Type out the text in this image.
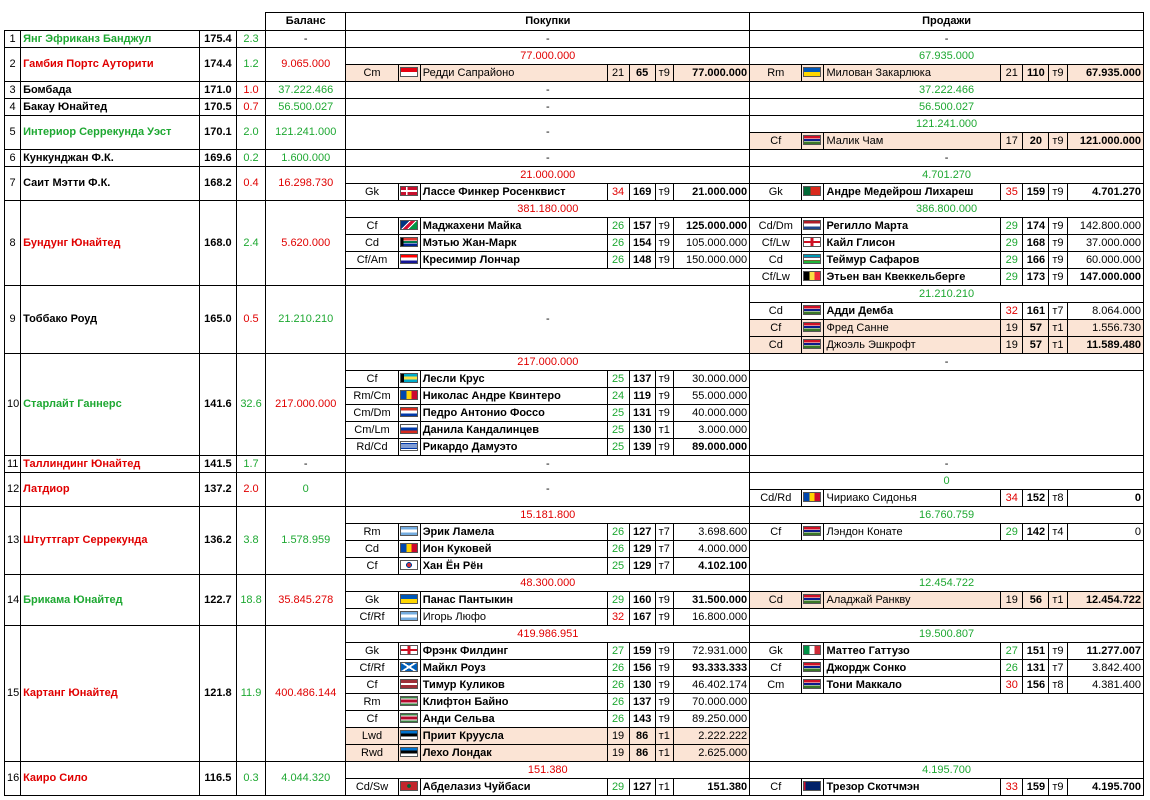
				Баланс	Покупки							Продажи						
1	Янг Эфриканз Банджул	175.4	2.3	-	-							-						
2	Гамбия Портс Ауторити	174.4	1.2	9.065.000	77.000.000							67.935.000						
					Cm		Редди Сапрайоно	21	65	т9	77.000.000	Rm		Милован Закарлюка	21	110	т9	67.935.000
3	Бомбада	171.0	1.0	37.222.466	-							37.222.466						
4	Бакау Юнайтед	170.5	0.7	56.500.027	-							56.500.027						
5	Интериор Серрекунда Уэст	170.1	2.0	121.241.000	-							121.241.000						
												Cf		Малик Чам	17	20	т9	121.000.000
6	Кункунджан Ф.К.	169.6	0.2	1.600.000	-							-						
7	Саит Мэтти Ф.К.	168.2	0.4	16.298.730	21.000.000							4.701.270						
					Gk		Лассе Финкер Росенквист	34	169	т9	21.000.000	Gk		Андре Медейрош Лихареш	35	159	т9	4.701.270
8	Бундунг Юнайтед	168.0	2.4	5.620.000	381.180.000							386.800.000						
					Cf		Маджахени Майка	26	157	т9	125.000.000	Cd/Dm		Регилло Марта	29	174	т9	142.800.000
					Cd		Мэтью Жан-Марк	26	154	т9	105.000.000	Cf/Lw		Кайл Глисон	29	168	т9	37.000.000
					Cf/Am		Кресимир Лончар	26	148	т9	150.000.000	Cd		Теймур Сафаров	29	166	т9	60.000.000
												Cf/Lw		Этьен ван Квеккельберге	29	173	т9	147.000.000
9	Тоббако Роуд	165.0	0.5	21.210.210	-							21.210.210						
												Cd		Адди Дембa	32	161	т7	8.064.000
												Cf		Фред Санне	19	57	т1	1.556.730
												Cd		Джоэль Эшкрофт	19	57	т1	11.589.480
10	Старлайт Ганнерс	141.6	32.6	217.000.000	217.000.000							-						
					Cf		Лесли Крус	25	137	т9	30.000.000							
					Rm/Cm		Николас Андре Квинтеро	24	119	т9	55.000.000							
					Cm/Dm		Педро Антонио Фоссо	25	131	т9	40.000.000							
					Cm/Lm		Данила Кандалинцев	25	130	т1	3.000.000							
					Rd/Cd		Рикардо Дамуэто	25	139	т9	89.000.000							
11	Таллиндинг Юнайтед	141.5	1.7	-	-							-						
12	Латдиор	137.2	2.0	0	-							0						
												Cd/Rd		Чириако Сидонья	34	152	т8	0
13	Штуттгарт Серрекунда	136.2	3.8	1.578.959	15.181.800							16.760.759						
					Rm		Эрик Ламела	26	127	т7	3.698.600	Cf		Лэндон Конате	29	142	т4	0
					Cd		Ион Куковей	26	129	т7	4.000.000							
					Cf		Хан Ён Рён	25	129	т7	4.102.100							
14	Брикама Юнайтед	122.7	18.8	35.845.278	48.300.000							12.454.722						
					Gk		Панас Пантыкин	29	160	т9	31.500.000	Cd		Аладжай Ранкву	19	56	т1	12.454.722
					Cf/Rf		Игорь Люфо	32	167	т9	16.800.000							
15	Картанг Юнайтед	121.8	11.9	400.486.144	419.986.951							19.500.807						
					Gk		Фрэнк Филдинг	27	159	т9	72.931.000	Gk		Маттео Гаттузо	27	151	т9	11.277.007
					Cf/Rf		Майкл Роуз	26	156	т9	93.333.333	Cf		Джордж Сонко	26	131	т7	3.842.400
					Cf		Тимур Куликов	26	130	т9	46.402.174	Cm		Тони Маккало	30	156	т8	4.381.400
					Rm		Клифтон Байно	26	137	т9	70.000.000							
					Cf		Анди Сельва	26	143	т9	89.250.000							
					Lwd		Приит Круусла	19	86	т1	2.222.222							
					Rwd		Лехо Лондак	19	86	т1	2.625.000							
16	Каиро Сило	116.5	0.3	4.044.320	151.380							4.195.700						
					Cd/Sw		Абделазиз Чуйбаси	29	127	т1	151.380	Cf		Трезор Скотчмэн	33	159	т9	4.195.700
